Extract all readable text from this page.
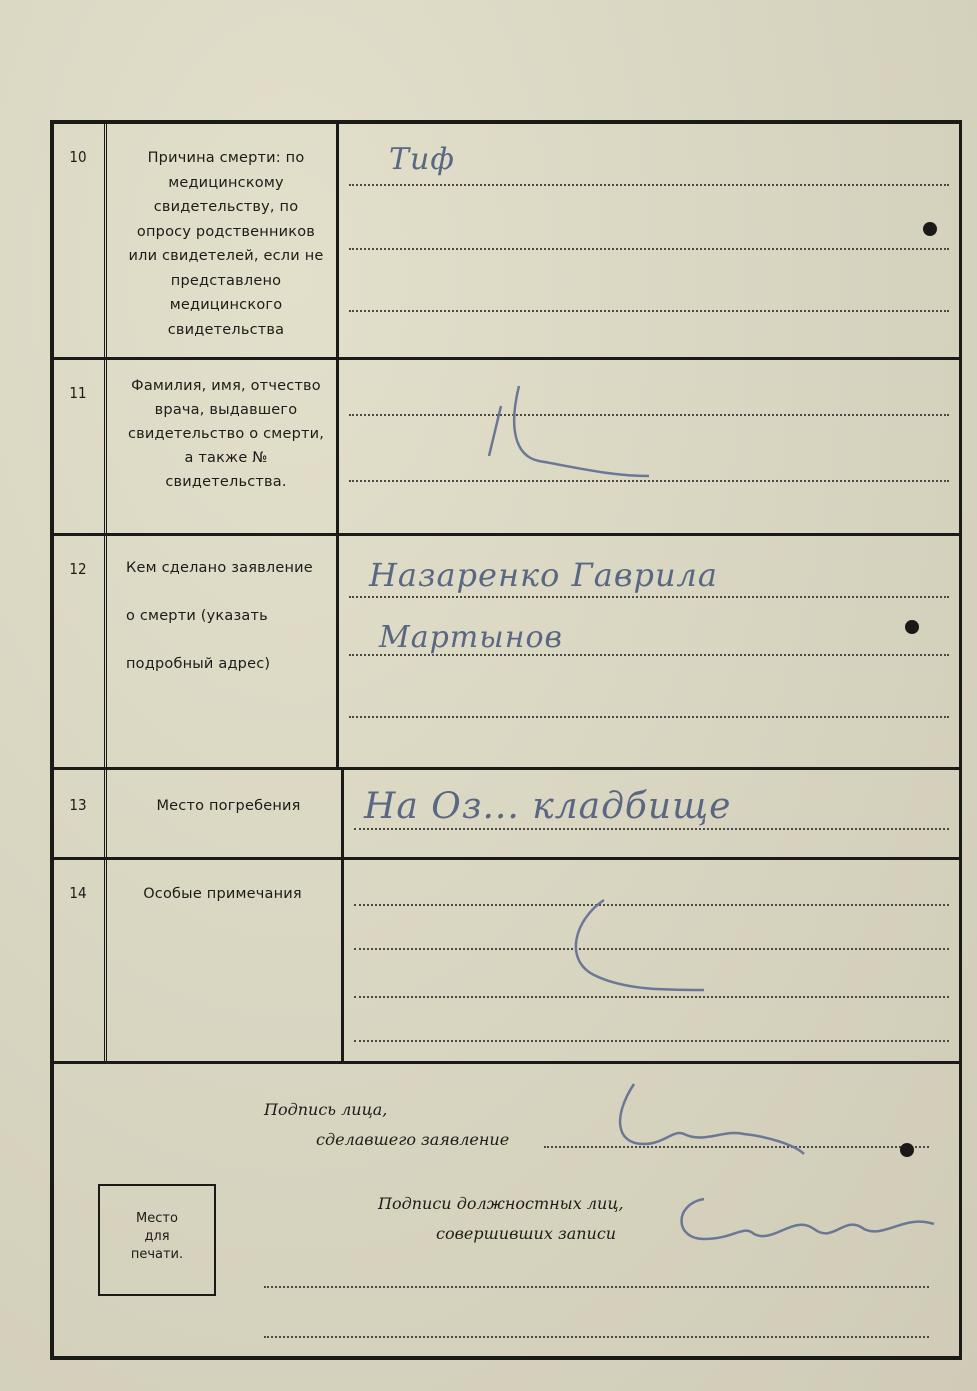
10	Причина смерти: по медицинскому свидетельству, по опросу родственников или свидетелей, если не представлено медицинского свидетельства
Тиф
11	Фамилия, имя, отчество врача, выдавшего свидетельство о смерти, а также № свидетельства.
12	Кем сделано заявление о смерти (указать подробный адрес)
Назаренко Гаврила
Мартынов
13	Место погребения	На Оз... кладбище
14	Особые примечания
Подпись лица,
сделавшего заявление
Подписи должностных лиц,
совершивших записи
Место
для
печати.
